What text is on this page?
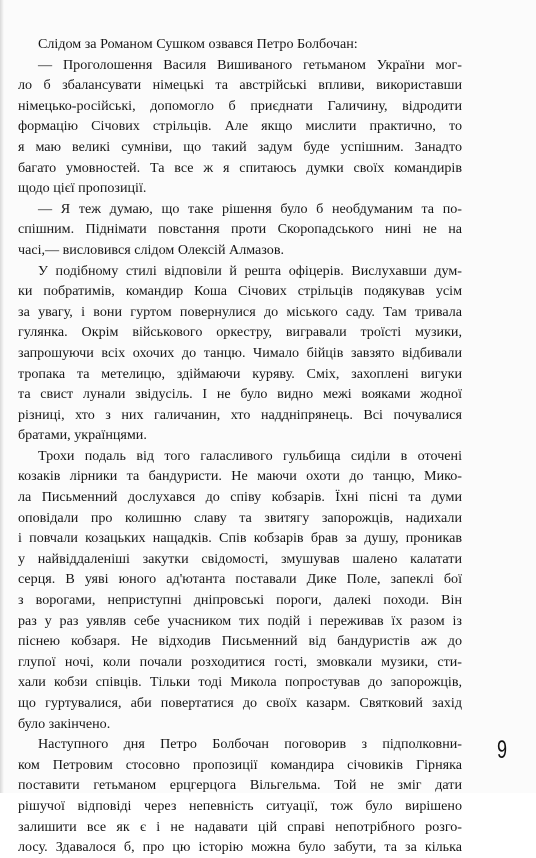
Слідом за Романом Сушком озвався Петро Болбочан:
— Проголошення Василя Вишиваного гетьманом України мог-
ло б збалансувати німецькі та австрійські впливи, використавши
німецько-російські, допомогло б приєднати Галичину, відродити
формацію Січових стрільців. Але якщо мислити практично, то
я маю великі сумніви, що такий задум буде успішним. Занадто
багато умовностей. Та все ж я спитаюсь думки своїх командирів
щодо цієї пропозиції.
— Я теж думаю, що таке рішення було б необдуманим та по-
спішним. Піднімати повстання проти Скоропадського нині не на
часі,— висловився слідом Олексій Алмазов.
У подібному стилі відповіли й решта офіцерів. Вислухавши дум-
ки побратимів, командир Коша Січових стрільців подякував усім
за увагу, і вони гуртом повернулися до міського саду. Там тривала
гулянка. Окрім військового оркестру, вигравали троїсті музики,
запрошуючи всіх охочих до танцю. Чимало бійців завзято відбивали
тропака та метелицю, здіймаючи куряву. Сміх, захоплені вигуки
та свист лунали звідусіль. І не було видно межі вояками жодної
різниці, хто з них галичанин, хто наддніпрянець. Всі почувалися
братами, українцями.
Трохи подаль від того галасливого гульбища сиділи в оточені
козаків лірники та бандуристи. Не маючи охоти до танцю, Мико-
ла Письменний дослухався до співу кобзарів. Їхні пісні та думи
оповідали про колишню славу та звитягу запорожців, надихали
і повчали козацьких нащадків. Спів кобзарів брав за душу, проникав
у найвіддаленіші закутки свідомості, змушував шалено калатати
серця. В уяві юного ад'ютанта поставали Дике Поле, запеклі бої
з ворогами, неприступні дніпровські пороги, далекі походи. Він
раз у раз уявляв себе учасником тих подій і переживав їх разом із
піснею кобзаря. Не відходив Письменний від бандуристів аж до
глупої ночі, коли почали розходитися гості, змовкали музики, сти-
хали кобзи співців. Тільки тоді Микола попростував до запорожців,
що гуртувалися, аби повертатися до своїх казарм. Святковий захід
було закінчено.
Наступного дня Петро Болбочан поговорив з підполковни-
ком Петровим стосовно пропозиції командира січовиків Гірняка
поставити гетьманом ерцгерцога Вільгельма. Той не зміг дати
рішучої відповіді через непевність ситуації, тож було вирішено
залишити все як є і не надавати цій справі непотрібного розго-
лосу. Здавалося б, про цю історію можна було забути, та за кілька
9
